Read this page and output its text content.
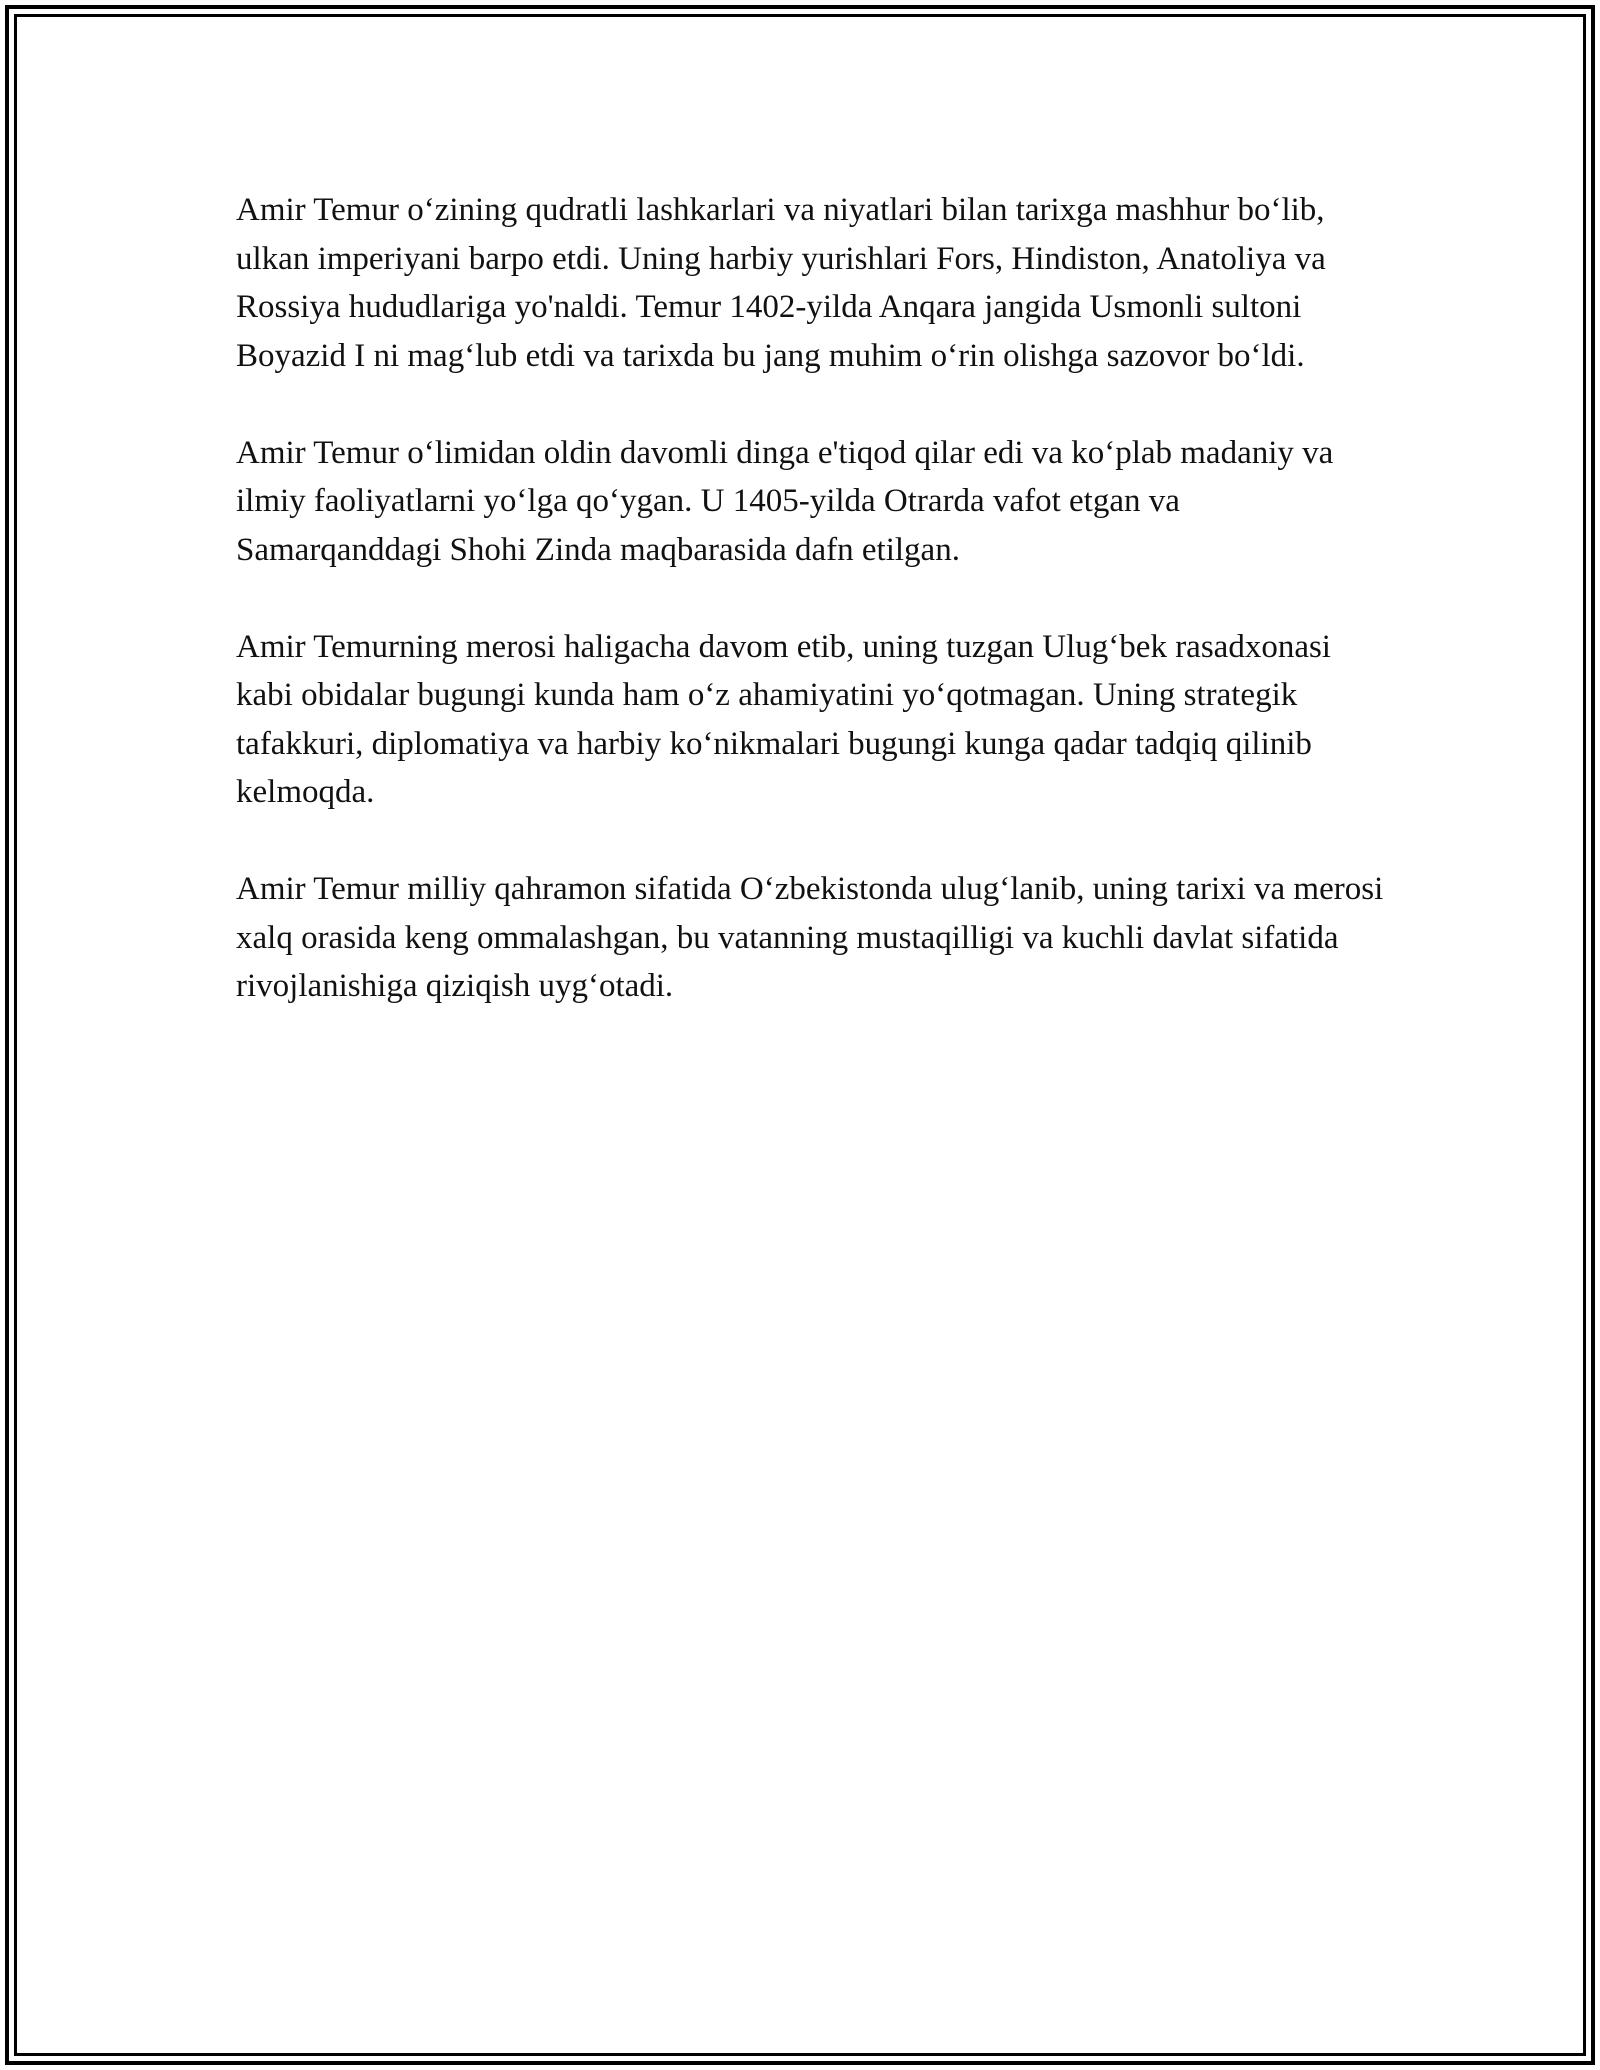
Amir Temur o‘zining qudratli lashkarlari va niyatlari bilan tarixga mashhur bo‘lib, ulkan imperiyani barpo etdi. Uning harbiy yurishlari Fors, Hindiston, Anatoliya va Rossiya hududlariga yo'naldi. Temur 1402-yilda Anqara jangida Usmonli sultoni Boyazid I ni mag‘lub etdi va tarixda bu jang muhim o‘rin olishga sazovor bo‘ldi.

Amir Temur o‘limidan oldin davomli dinga e'tiqod qilar edi va ko‘plab madaniy va ilmiy faoliyatlarni yo‘lga qo‘ygan. U 1405-yilda Otrarda vafot etgan va Samarqanddagi Shohi Zinda maqbarasida dafn etilgan.

Amir Temurning merosi haligacha davom etib, uning tuzgan Ulug‘bek rasadxonasi kabi obidalar bugungi kunda ham o‘z ahamiyatini yo‘qotmagan. Uning strategik tafakkuri, diplomatiya va harbiy ko‘nikmalari bugungi kunga qadar tadqiq qilinib kelmoqda.

Amir Temur milliy qahramon sifatida O‘zbekistonda ulug‘lanib, uning tarixi va merosi xalq orasida keng ommalashgan, bu vatanning mustaqilligi va kuchli davlat sifatida rivojlanishiga qiziqish uyg‘otadi.
